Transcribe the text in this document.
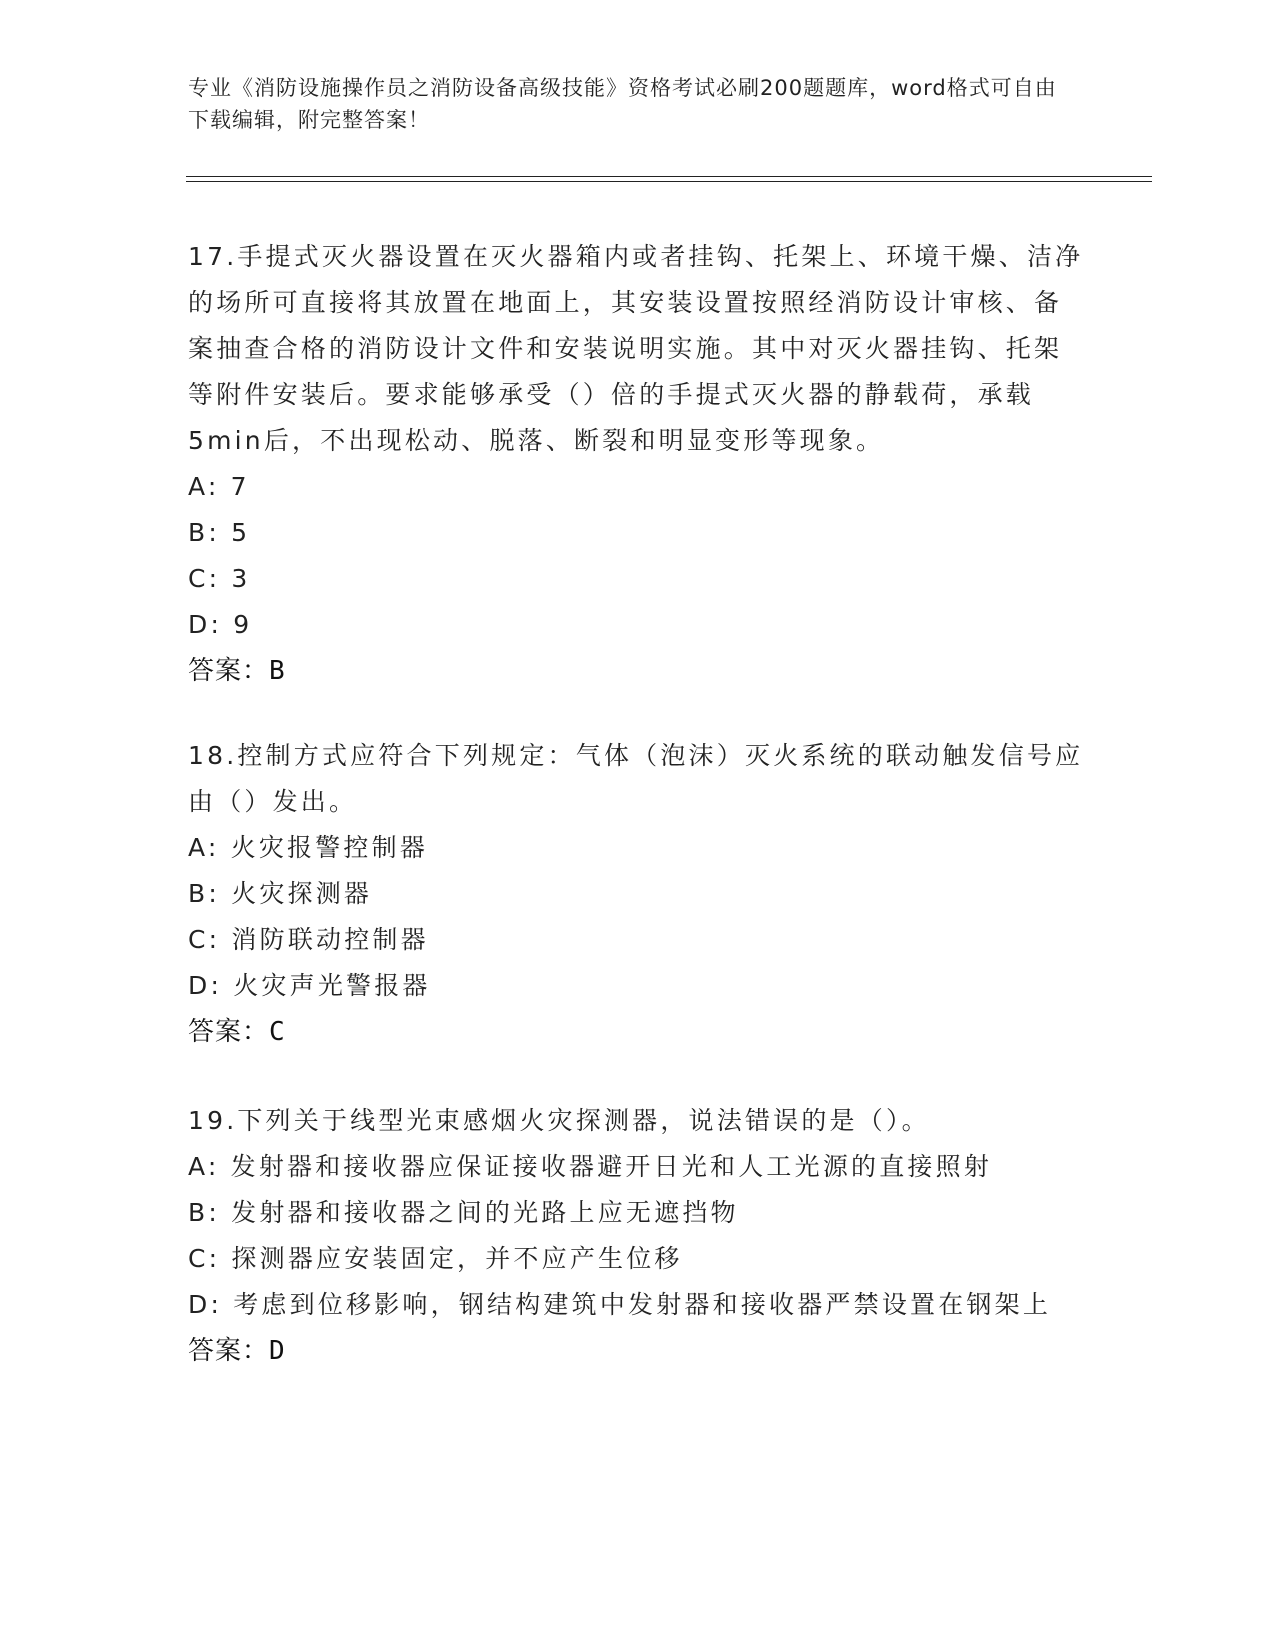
专业《消防设施操作员之消防设备高级技能》资格考试必刷200题题库，word格式可自由下载编辑，附完整答案！

17.手提式灭火器设置在灭火器箱内或者挂钩、托架上、环境干燥、洁净的场所可直接将其放置在地面上，其安装设置按照经消防设计审核、备案抽查合格的消防设计文件和安装说明实施。其中对灭火器挂钩、托架等附件安装后。要求能够承受（）倍的手提式灭火器的静载荷，承载5min后，不出现松动、脱落、断裂和明显变形等现象。

A: 7

B: 5

C: 3

D: 9

答案：B

18.控制方式应符合下列规定：气体（泡沫）灭火系统的联动触发信号应由（）发出。

A: 火灾报警控制器

B: 火灾探测器

C: 消防联动控制器

D: 火灾声光警报器

答案：C

19.下列关于线型光束感烟火灾探测器，说法错误的是（）。

A: 发射器和接收器应保证接收器避开日光和人工光源的直接照射

B: 发射器和接收器之间的光路上应无遮挡物

C: 探测器应安装固定，并不应产生位移

D: 考虑到位移影响，钢结构建筑中发射器和接收器严禁设置在钢架上

答案：D
